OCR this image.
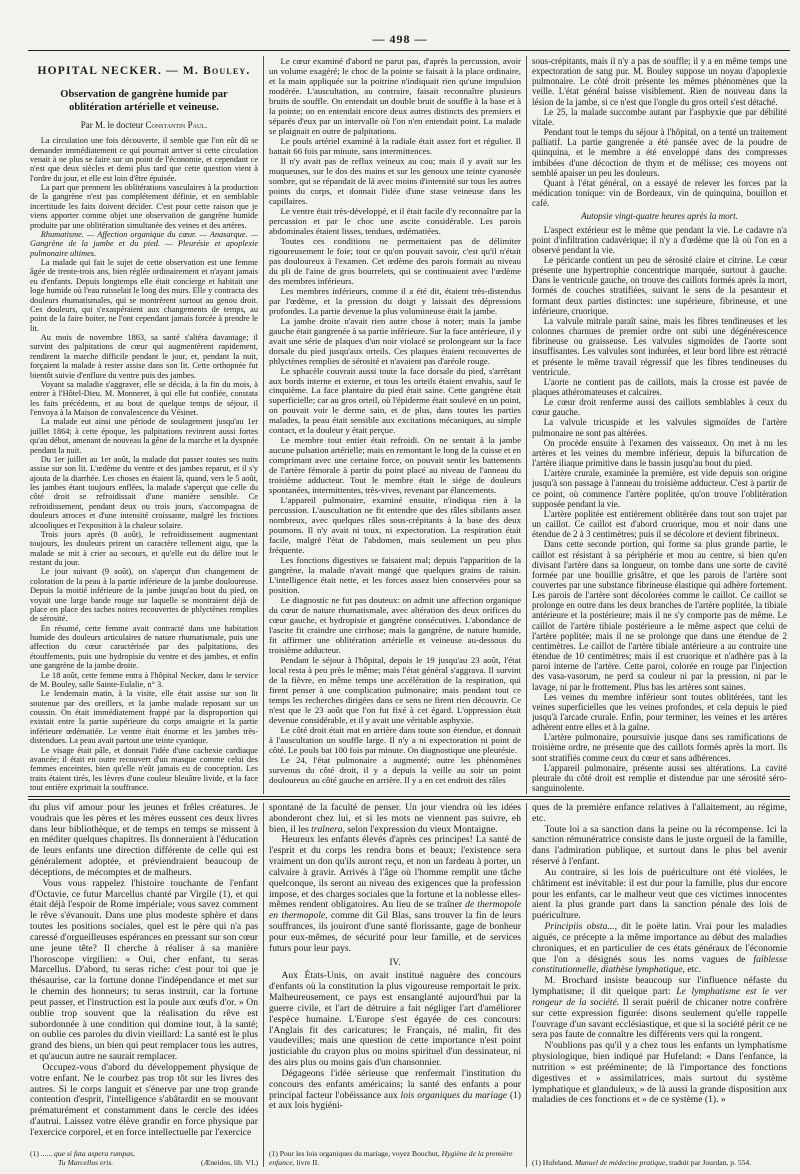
— 498 —
HOPITAL NECKER. — M. Bouley.
Observation de gangrène humide par oblitération artérielle et veineuse.

Par M. le docteur Constantin Paul.

La circulation une fois découverte, il semble que l'on eût dû se demander immédiatement ce qui pourrait arriver si cette circulation venait à ne plus se faire sur un point de l'économie, et cependant ce n'est que deux siècles et demi plus tard que cette question vient à l'ordre du jour, et elle est loin d'être épuisée.

La part que prennent les oblitérations vasculaires à la production de la gangrène n'est pas complétement définie, et en semblable incertitude les faits doivent décider. C'est pour cette raison que je viens apporter comme objet une observation de gangrène humide produite par une oblitération simultanée des veines et des artères.

Rhumatisme. — Affection organique du cœur. — Anasarque. — Gangrène de la jambe et du pied. — Pleurésie et apoplexie pulmonaire ultimes.

La malade qui fait le sujet de cette observation est une femme âgée de trente-trois ans, bien réglée ordinairement et n'ayant jamais eu d'enfants. Depuis longtemps elle était concierge et habitait une loge humide où l'eau ruisselait le long des murs. Elle y contracta des douleurs rhumatismales, qui se montrèrent surtout au genou droit. Ces douleurs, qui s'exaspéraient aux changements de temps, au point de la faire boiter, ne l'ont cependant jamais forcée à prendre le lit.

Au mois de novembre 1863, sa santé s'altéra davantage; il survint des palpitations de cœur qui augmentèrent rapidement, rendirent la marche difficile pendant le jour, et, pendant la nuit, forçaient la malade à rester assise dans son lit. Cette orthopnée fut bientôt suivie d'enflure du ventre puis des jambes.

Voyant sa maladie s'aggraver, elle se décida, à la fin du mois, à entrer à l'Hôtel-Dieu. M. Monneret, à qui elle fut confiée, constata les faits précédents, et au bout de quelque temps de séjour, il l'envoya à la Maison de convalescence du Vésinet.

La malade eut ainsi une période de soulagement jusqu'au 1er juillet 1864; à cette époque, les palpitations revinrent aussi fortes qu'au début, amenant de nouveau la gêne de la marche et la dyspnée pendant la nuit.

Du 1er juillet au 1er août, la malade dut passer toutes ses nuits assise sur son lit. L'œdème du ventre et des jambes reparut, et il s'y ajouta de la diarrhée. Les choses en étaient là, quand, vers le 5 août, les jambes étant toujours enflées, la malade s'aperçut que celle du côté droit se refroidissait d'une manière sensible. Ce refroidissement, pendant deux ou trois jours, s'accompagna de douleurs atroces et d'une intensité croissante, malgré les frictions alcooliques et l'exposition à la chaleur solaire.

Trois jours après (8 août), le refroidissement augmentant toujours, les douleurs prirent un caractère tellement aigu, que la malade se mit à crier au secours, et qu'elle eut du délire tout le restant du jour.

Le jour suivant (9 août), on s'aperçut d'un changement de coloration de la peau à la partie inférieure de la jambe douloureuse. Depuis la moitié inférieure de la jambe jusqu'au bout du pied, on voyait une large bande rouge sur laquelle se montraient déjà de place en place des taches noires recouvertes de phlyctènes remplies de sérosité.

En résumé, cette femme avait contracté dans une habitation humide des douleurs articulaires de nature rhumatismale, puis une affection du cœur caractérisée par des palpitations, des étouffements, puis une hydropisie du ventre et des jambes, et enfin une gangrène de la jambe droite.

Le 18 août, cette femme entra à l'hôpital Necker, dans le service de M. Bouley, salle Sainte-Eulalie, n° 3.

Le lendemain matin, à la visite, elle était assise sur son lit soutenue par des oreillers, et la jambe malade reposant sur un coussin. On était immédiatement frappé par la disproportion qui existait entre la partie supérieure du corps amaigrie et la partie inférieure œdématiée. Le ventre était énorme et les jambes très-distendues. La peau avait partout une teinte cyanique.

Le visage était pâle, et donnait l'idée d'une cachexie cardiaque avancée; il était en outre recouvert d'un masque comme celui des femmes enceintes, bien qu'elle n'eût jamais eu de conception. Les traits étaient tirés, les lèvres d'une couleur bleuâtre livide, et la face tout entière exprimait la souffrance.

Le cœur examiné d'abord ne parut pas, d'après la percussion, avoir un volume exagéré; le choc de la pointe se faisait à la place ordinaire, et la main appliquée sur la poitrine n'indiquait rien qu'une impulsion modérée. L'auscultation, au contraire, faisait reconnaître plusieurs bruits de souffle. On entendait un double bruit de souffle à la base et à la pointe; on en entendait encore deux autres distincts des premiers et séparés d'eux par un intervalle où l'on n'en entendait point. La malade se plaignait en outre de palpitations.

Le pouls artériel examiné à la radiale était assez fort et régulier. Il battait 66 fois par minute, sans intermittences.

Il n'y avait pas de reflux veineux au cou; mais il y avait sur les muqueuses, sur le dos des mains et sur les genoux une teinte cyanosée sombre, qui se répandait de là avec moins d'intensité sur tous les autres points du corps, et donnait l'idée d'une stase veineuse dans les capillaires.

Le ventre était très-développé, et il était facile d'y reconnaître par la percussion et par le choc une ascite considérable. Les parois abdominales étaient lisses, tendues, œdématiées.

Toutes ces conditions ne permettaient pas de délimiter rigoureusement le foie; tout ce qu'on pouvait savoir, c'est qu'il n'était pas douloureux à l'examen. Cet œdème des parois formait au niveau du pli de l'aine de gros bourrelets, qui se continuaient avec l'œdème des membres inférieurs.

Les membres inférieurs, comme il a été dit, étaient très-distendus par l'œdème, et la pression du doigt y laissait des dépressions profondes. La partie devenue la plus volumineuse était la jambe.

La jambe droite n'avait rien autre chose à noter; mais la jambe gauche était gangrenée à sa partie inférieure. Sur la face antérieure, il y avait une série de plaques d'un noir violacé se prolongeant sur la face dorsale du pied jusqu'aux orteils. Ces plaques étaient recouvertes de phlyctènes remplies de sérosité et n'avaient pas d'aréole rouge.

Le sphacèle couvrait aussi toute la face dorsale du pied, s'arrêtant aux bords interne et externe, et tous les orteils étaient envahis, sauf le cinquième. La face plantaire du pied était saine. Cette gangrène était superficielle; car au gros orteil, où l'épiderme était soulevé en un point, on pouvait voir le derme sain, et de plus, dans toutes les parties malades, la peau était sensible aux excitations mécaniques, au simple contact, et la douleur y était perçue.

Le membre tout entier était refroidi. On ne sentait à la jambe aucune pulsation artérielle; mais en remontant le long de la cuisse et en comprimant avec une certaine force, on pouvait sentir les battements de l'artère fémorale à partir du point placé au niveau de l'anneau du troisième adducteur. Tout le membre était le siége de douleurs spontanées, intermittentes, très-vives, revenant par élancements.

L'appareil pulmonaire, examiné ensuite, n'indiqua rien à la percussion. L'auscultation ne fit entendre que des râles sibilants assez nombreux, avec quelques râles sous-crépitants à la base des deux poumons. Il n'y avait ni toux, ni expectoration. La respiration était facile, malgré l'état de l'abdomen, mais seulement un peu plus fréquente.

Les fonctions digestives se faisaient mal; depuis l'apparition de la gangrène, la malade n'avait mangé que quelques grains de raisin. L'intelligence était nette, et les forces assez bien conservées pour sa position.

Le diagnostic ne fut pas douteux: on admit une affection organique du cœur de nature rhumatismale, avec altération des deux orifices du cœur gauche, et hydropisie et gangrène consécutives. L'abondance de l'ascite fit craindre une cirrhose; mais la gangrène, de nature humide, fit affirmer une oblitération artérielle et veineuse au-dessous du troisième adducteur.

Pendant le séjour à l'hôpital, depuis le 19 jusqu'au 23 août, l'état local resta à peu près le même; mais l'état général s'aggrava. Il survint de la fièvre, en même temps une accélération de la respiration, qui firent penser à une complication pulmonaire; mais pendant tout ce temps les recherches dirigées dans ce sens ne firent rien découvrir. Ce n'est que le 23 août que l'on fut fixé à cet égard. L'oppression était devenue considérable, et il y avait une véritable asphyxie.

Le côté droit était mat en arrière dans toute son étendue, et donnait à l'auscultation un souffle large. Il n'y a ni expectoration ni point de côté. Le pouls bat 100 fois par minute. On diagnostique une pleurésie.

Le 24, l'état pulmonaire a augmenté; outre les phénomènes survenus du côté droit, il y a depuis la veille au soir un point douloureux au côté gauche en arrière. Il y a en cet endroit des râles

sous-crépitants, mais il n'y a pas de souffle; il y a en même temps une expectoration de sang pur. M. Bouley suppose un noyau d'apoplexie pulmonaire. Le côté droit présente les mêmes phénomènes que la veille. L'état général baisse visiblement. Rien de nouveau dans la lésion de la jambe, si ce n'est que l'ongle du gros orteil s'est détaché.

Le 25, la malade succombe autant par l'asphyxie que par débilité vitale.

Pendant tout le temps du séjour à l'hôpital, on a tenté un traitement palliatif. La partie gangrenée a été pansée avec de la poudre de quinquina, et le membre a été enveloppé dans des compresses imbibées d'une décoction de thym et de mélisse; ces moyens ont semblé apaiser un peu les douleurs.

Quant à l'état général, on a essayé de relever les forces par la médication tonique: vin de Bordeaux, vin de quinquina, bouillon et café.

Autopsie vingt-quatre heures après la mort.

L'aspect extérieur est le même que pendant la vie. Le cadavre n'a point d'infiltration cadavérique; il n'y a d'œdème que là où l'on en a observé pendant la vie.

Le péricarde contient un peu de sérosité claire et citrine. Le cœur présente une hypertrophie concentrique marquée, surtout à gauche. Dans le ventricule gauche, on trouve des caillots formés après la mort, formés de couches stratifiées, suivant le sens de la pesanteur et formant deux parties distinctes: une supérieure, fibrineuse, et une inférieure, cruorique.

La valvule mitrale paraît saine, mais les fibres tendineuses et les colonnes charnues de premier ordre ont subi une dégénérescence fibrineuse ou graisseuse. Les valvules sigmoïdes de l'aorte sont insuffisantes. Les valvules sont indurées, et leur bord libre est rétracté et présente le même travail régressif que les fibres tendineuses du ventricule.

L'aorte ne contient pas de caillots, mais la crosse est pavée de plaques athéromateuses et calcaires.

Le cœur droit renferme aussi des caillots semblables à ceux du cœur gauche.

La valvule tricuspide et les valvules sigmoïdes de l'artère pulmonaire ne sont pas altérées.

On procède ensuite à l'examen des vaisseaux. On met à nu les artères et les veines du membre inférieur, depuis la bifurcation de l'artère iliaque primitive dans le bassin jusqu'au bout du pied.

L'artère crurale, examinée la première, est vide depuis son origine jusqu'à son passage à l'anneau du troisième adducteur. C'est à partir de ce point, où commence l'artère poplitée, qu'on trouve l'oblitération supposée pendant la vie.

L'artère poplitée est entièrement oblitérée dans tout son trajet par un caillot. Ce caillot est d'abord cruorique, mou et noir dans une étendue de 2 à 3 centimètres; puis il se décolore et devient fibrineux.

Dans cette seconde portion, qui forme sa plus grande partie, le caillot est résistant à sa périphérie et mou au centre, si bien qu'en divisant l'artère dans sa longueur, on tombe dans une sorte de cavité formée par une bouillie grisâtre, et que les parois de l'artère sont couvertes par une substance fibrineuse élastique qui adhère fortement. Les parois de l'artère sont décolorées comme le caillot. Ce caillot se prolonge en outre dans les deux branches de l'artère poplitée, la tibiale antérieure et la postérieure; mais il ne s'y comporte pas de même. Le caillot de l'artère tibiale postérieure a le même aspect que celui de l'artère poplitée; mais il ne se prolonge que dans une étendue de 2 centimètres. Le caillot de l'artère tibiale antérieure a au contraire une étendue de 10 centimètres; mais il est cruorique et n'adhère pas à la paroi interne de l'artère. Cette paroi, colorée en rouge par l'injection des vasa-vasorum, ne perd sa couleur ni par la pression, ni par le lavage, ni par le frottement. Plus bas les artères sont saines.

Les veines du membre inférieur sont toutes oblitérées, tant les veines superficielles que les veines profondes, et cela depuis le pied jusqu'à l'arcade crurale. Enfin, pour terminer, les veines et les artères adhèrent entre elles et à la gaîne.

L'artère pulmonaire, poursuivie jusque dans ses ramifications de troisième ordre, ne présente que des caillots formés après la mort. Ils sont stratifiés comme ceux du cœur et sans adhérences.

L'appareil pulmonaire, présente aussi ses altérations. La cavité pleurale du côté droit est remplie et distendue par une sérosité séro-sanguinolente.

du plus vif amour pour les jeunes et frêles créatures. Je voudrais que les pères et les mères eussent ces deux livres dans leur bibliothèque, et de temps en temps se missent à en méditer quelques chapitres. Ils donneraient à l'éducation de leurs enfants une direction différente de celle qui est généralement adoptée, et préviendraient beaucoup de déceptions, de mécomptes et de malheurs.

Vous vous rappelez l'histoire touchante de l'enfant d'Octavie, ce futur Marcellus chanté par Virgile (1), et qui était déjà l'espoir de Rome impériale; vous savez comment le rêve s'évanouit. Dans une plus modeste sphère et dans toutes les positions sociales, quel est le père qui n'a pas caressé d'orgueilleuses espérances en pressant sur son cœur une jeune tête? Il cherche à réaliser à sa manière l'horoscope virgilien: « Oui, cher enfant, tu seras Marcellus. D'abord, tu seras riche: c'est pour toi que je thésaurise, car la fortune donne l'indépendance et met sur le chemin des honneurs; tu seras instruit, car la fortune peut passer, et l'instruction est la poule aux œufs d'or. » On oublie trop souvent que la réalisation du rêve est subordonnée à une condition qui domine tout, à la santé; on oublie ces paroles du divin vieillard: La santé est le plus grand des biens, un bien qui peut remplacer tous les autres, et qu'aucun autre ne saurait remplacer.

Occupez-vous d'abord du développement physique de votre enfant. Ne le courbez pas trop tôt sur les livres des autres. Si le corps languit et s'énerve par une trop grande contention d'esprit, l'intelligence s'abâtardit en se mouvant prématurément et constamment dans le cercle des idées d'autrui. Laissez votre élève grandir en force physique par l'exercice corporel, et en force intellectuelle par l'exercice

(1) ...... que si fata aspera rumpas,

Tu Marcellus eris.	(Æneidos, lib. VI.)

spontané de la faculté de penser. Un jour viendra où les idées abonderont chez lui, et si les mots ne viennent pas suivre, eh bien, il les traînera, selon l'expression du vieux Montaigne.

Heureux les enfants élevés d'après ces principes! La santé de l'esprit et du corps les rendra bons et beaux; l'existence sera vraiment un don qu'ils auront reçu, et non un fardeau à porter, un calvaire à gravir. Arrivés à l'âge où l'homme remplit une tâche quelconque, ils seront au niveau des exigences que la profession impose, et des charges sociales que la fortune et la noblesse elles-mêmes rendent obligatoires. Au lieu de se traîner de thermopole en thermopole, comme dit Gil Blas, sans trouver la fin de leurs souffrances, ils jouiront d'une santé florissante, gage de bonheur pour eux-mêmes, de sécurité pour leur famille, et de services futurs pour leur pays.

IV.

Aux États-Unis, on avait institué naguère des concours d'enfants où la constitution la plus vigoureuse remportait le prix. Malheureusement, ce pays est ensanglanté aujourd'hui par la guerre civile, et l'art de détruire a fait négliger l'art d'améliorer l'espèce humaine. L'Europe s'est égayée de ces concours: l'Anglais fit des caricatures; le Français, né malin, fit des vaudevilles; mais une question de cette importance n'est point justiciable du crayon plus ou moins spirituel d'un dessinateur, ni des airs plus ou moins gais d'un chansonnier.

Dégageons l'idée sérieuse que renfermait l'institution du concours des enfants américains; la santé des enfants a pour principal facteur l'obéissance aux lois organiques du mariage (1) et aux lois hygiéni-

(1) Pour les lois organiques du mariage, voyez Bouchut, Hygiène de la première enfance, livre II.

ques de la première enfance relatives à l'allaitement, au régime, etc.

Toute loi a sa sanction dans la peine ou la récompense. Ici la sanction rémunératrice consiste dans le juste orgueil de la famille, dans l'admiration publique, et surtout dans le plus bel avenir réservé à l'enfant.

Au contraire, si les lois de puériculture ont été violées, le châtiment est inévitable: il est dur pour la famille, plus dur encore pour les enfants, car le malheur veut que ces victimes innocentes aient la plus grande part dans la sanction pénale des lois de puériculture.

Principiis obsta..., dit le poëte latin. Vrai pour les maladies aiguës, ce précepte a la même importance au début des maladies chroniques, et en particulier de ces états généraux de l'économie que l'on a désignés sous les noms vagues de faiblesse constitutionnelle, diathèse lymphatique, etc.

M. Brochard insiste beaucoup sur l'influence néfaste du lymphatisme; il dit quelque part: Le lymphatisme est le ver rongeur de la société. Il serait puéril de chicaner notre confrère sur cette expression figurée: disons seulement qu'elle rappelle l'ouvrage d'un savant ecclésiastique, et que si la société périt ce ne sera pas faute de connaître les différents vers qui la rongent.

N'oublions pas qu'il y a chez tous les enfants un lymphatisme physiologique, bien indiqué par Hufeland: « Dans l'enfance, la nutrition » est prééminente; de là l'importance des fonctions digestives et » assimilatrices, mais surtout du système lymphatique et glanduleux, » de là aussi la grande disposition aux maladies de ces fonctions et » de ce système (1). »

(1) Hufeland, Manuel de médecine pratique, traduit par Jourdan, p. 554.
